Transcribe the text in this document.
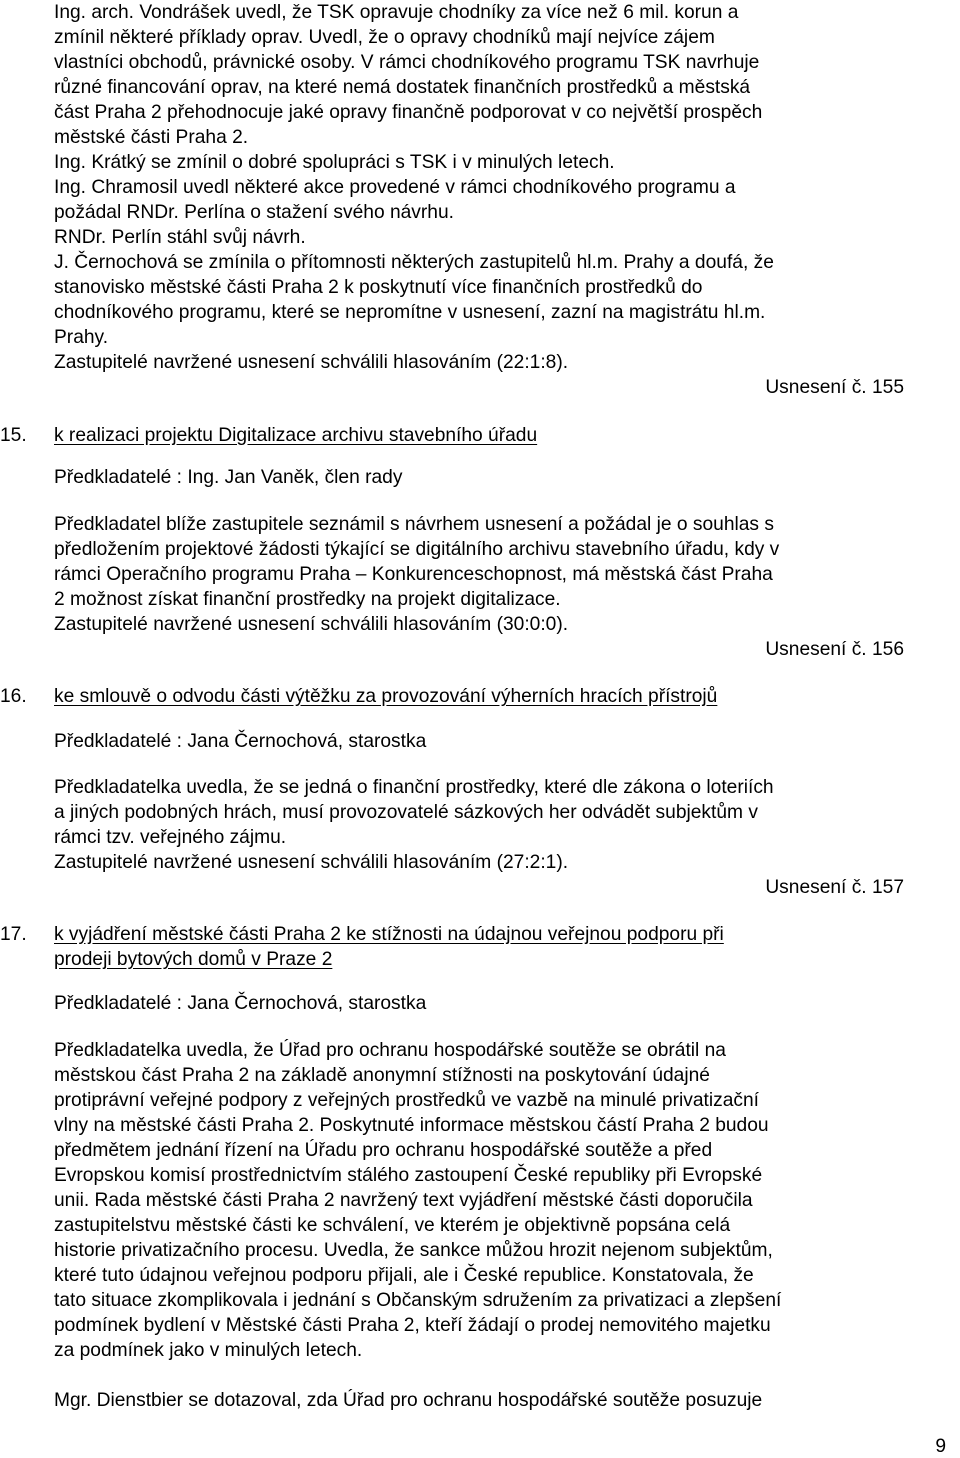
Ing. arch. Vondrášek uvedl, že TSK opravuje chodníky za více než 6 mil. korun a
zmínil některé příklady oprav. Uvedl, že o opravy chodníků mají nejvíce zájem
vlastníci obchodů, právnické osoby. V rámci chodníkového programu TSK navrhuje
různé financování oprav, na které nemá dostatek finančních prostředků a městská
část Praha 2 přehodnocuje jaké opravy finančně podporovat v co největší prospěch
městské části Praha 2.

Ing. Krátký se zmínil o dobré spolupráci s TSK i v minulých letech.

Ing. Chramosil uvedl některé akce provedené v rámci chodníkového programu a
požádal RNDr. Perlína o stažení svého návrhu.

RNDr. Perlín stáhl svůj návrh.

J. Černochová se zmínila o přítomnosti některých zastupitelů hl.m. Prahy a doufá, že
stanovisko městské části Praha 2 k poskytnutí více finančních prostředků do
chodníkového programu, které se nepromítne v usnesení, zazní na magistrátu hl.m.
Prahy.

Zastupitelé navržené usnesení schválili hlasováním (22:1:8).

Usnesení č. 155
15. k realizaci projektu Digitalizace archivu stavebního úřadu

Předkladatelé : Ing. Jan Vaněk, člen rady

Předkladatel blíže zastupitele seznámil s návrhem usnesení a požádal je o souhlas s
předložením projektové žádosti týkající se digitálního archivu stavebního úřadu, kdy v
rámci Operačního programu Praha – Konkurenceschopnost, má městská část Praha
2 možnost získat finanční prostředky na projekt digitalizace.

Zastupitelé navržené usnesení schválili hlasováním (30:0:0).

Usnesení č. 156
16. ke smlouvě o odvodu části výtěžku za provozování výherních hracích přístrojů

Předkladatelé : Jana Černochová, starostka

Předkladatelka uvedla, že se jedná o finanční prostředky, které dle zákona o loteriích
a jiných podobných hrách, musí provozovatelé sázkových her odvádět subjektům v
rámci tzv. veřejného zájmu.

Zastupitelé navržené usnesení schválili hlasováním (27:2:1).

Usnesení č. 157
17. k vyjádření městské části Praha 2 ke stížnosti na údajnou veřejnou podporu při
prodeji bytových domů v Praze 2

Předkladatelé : Jana Černochová, starostka

Předkladatelka uvedla, že Úřad pro ochranu hospodářské soutěže se obrátil na
městskou část Praha 2 na základě anonymní stížnosti na poskytování údajné
protiprávní veřejné podpory z veřejných prostředků ve vazbě na minulé privatizační
vlny na městské části Praha 2. Poskytnuté informace městskou částí Praha 2 budou
předmětem jednání řízení na Úřadu pro ochranu hospodářské soutěže a před
Evropskou komisí prostřednictvím stálého zastoupení České republiky při Evropské
unii. Rada městské části Praha 2 navržený text vyjádření městské části doporučila
zastupitelstvu městské části ke schválení, ve kterém je objektivně popsána celá
historie privatizačního procesu. Uvedla, že sankce můžou hrozit nejenom subjektům,
které tuto údajnou veřejnou podporu přijali, ale i České republice. Konstatovala, že
tato situace zkomplikovala i jednání s Občanským sdružením za privatizaci a zlepšení
podmínek bydlení v Městské části Praha 2, kteří žádají o prodej nemovitého majetku
za podmínek jako v minulých letech.

Mgr. Dienstbier se dotazoval, zda Úřad pro ochranu hospodářské soutěže posuzuje

9
